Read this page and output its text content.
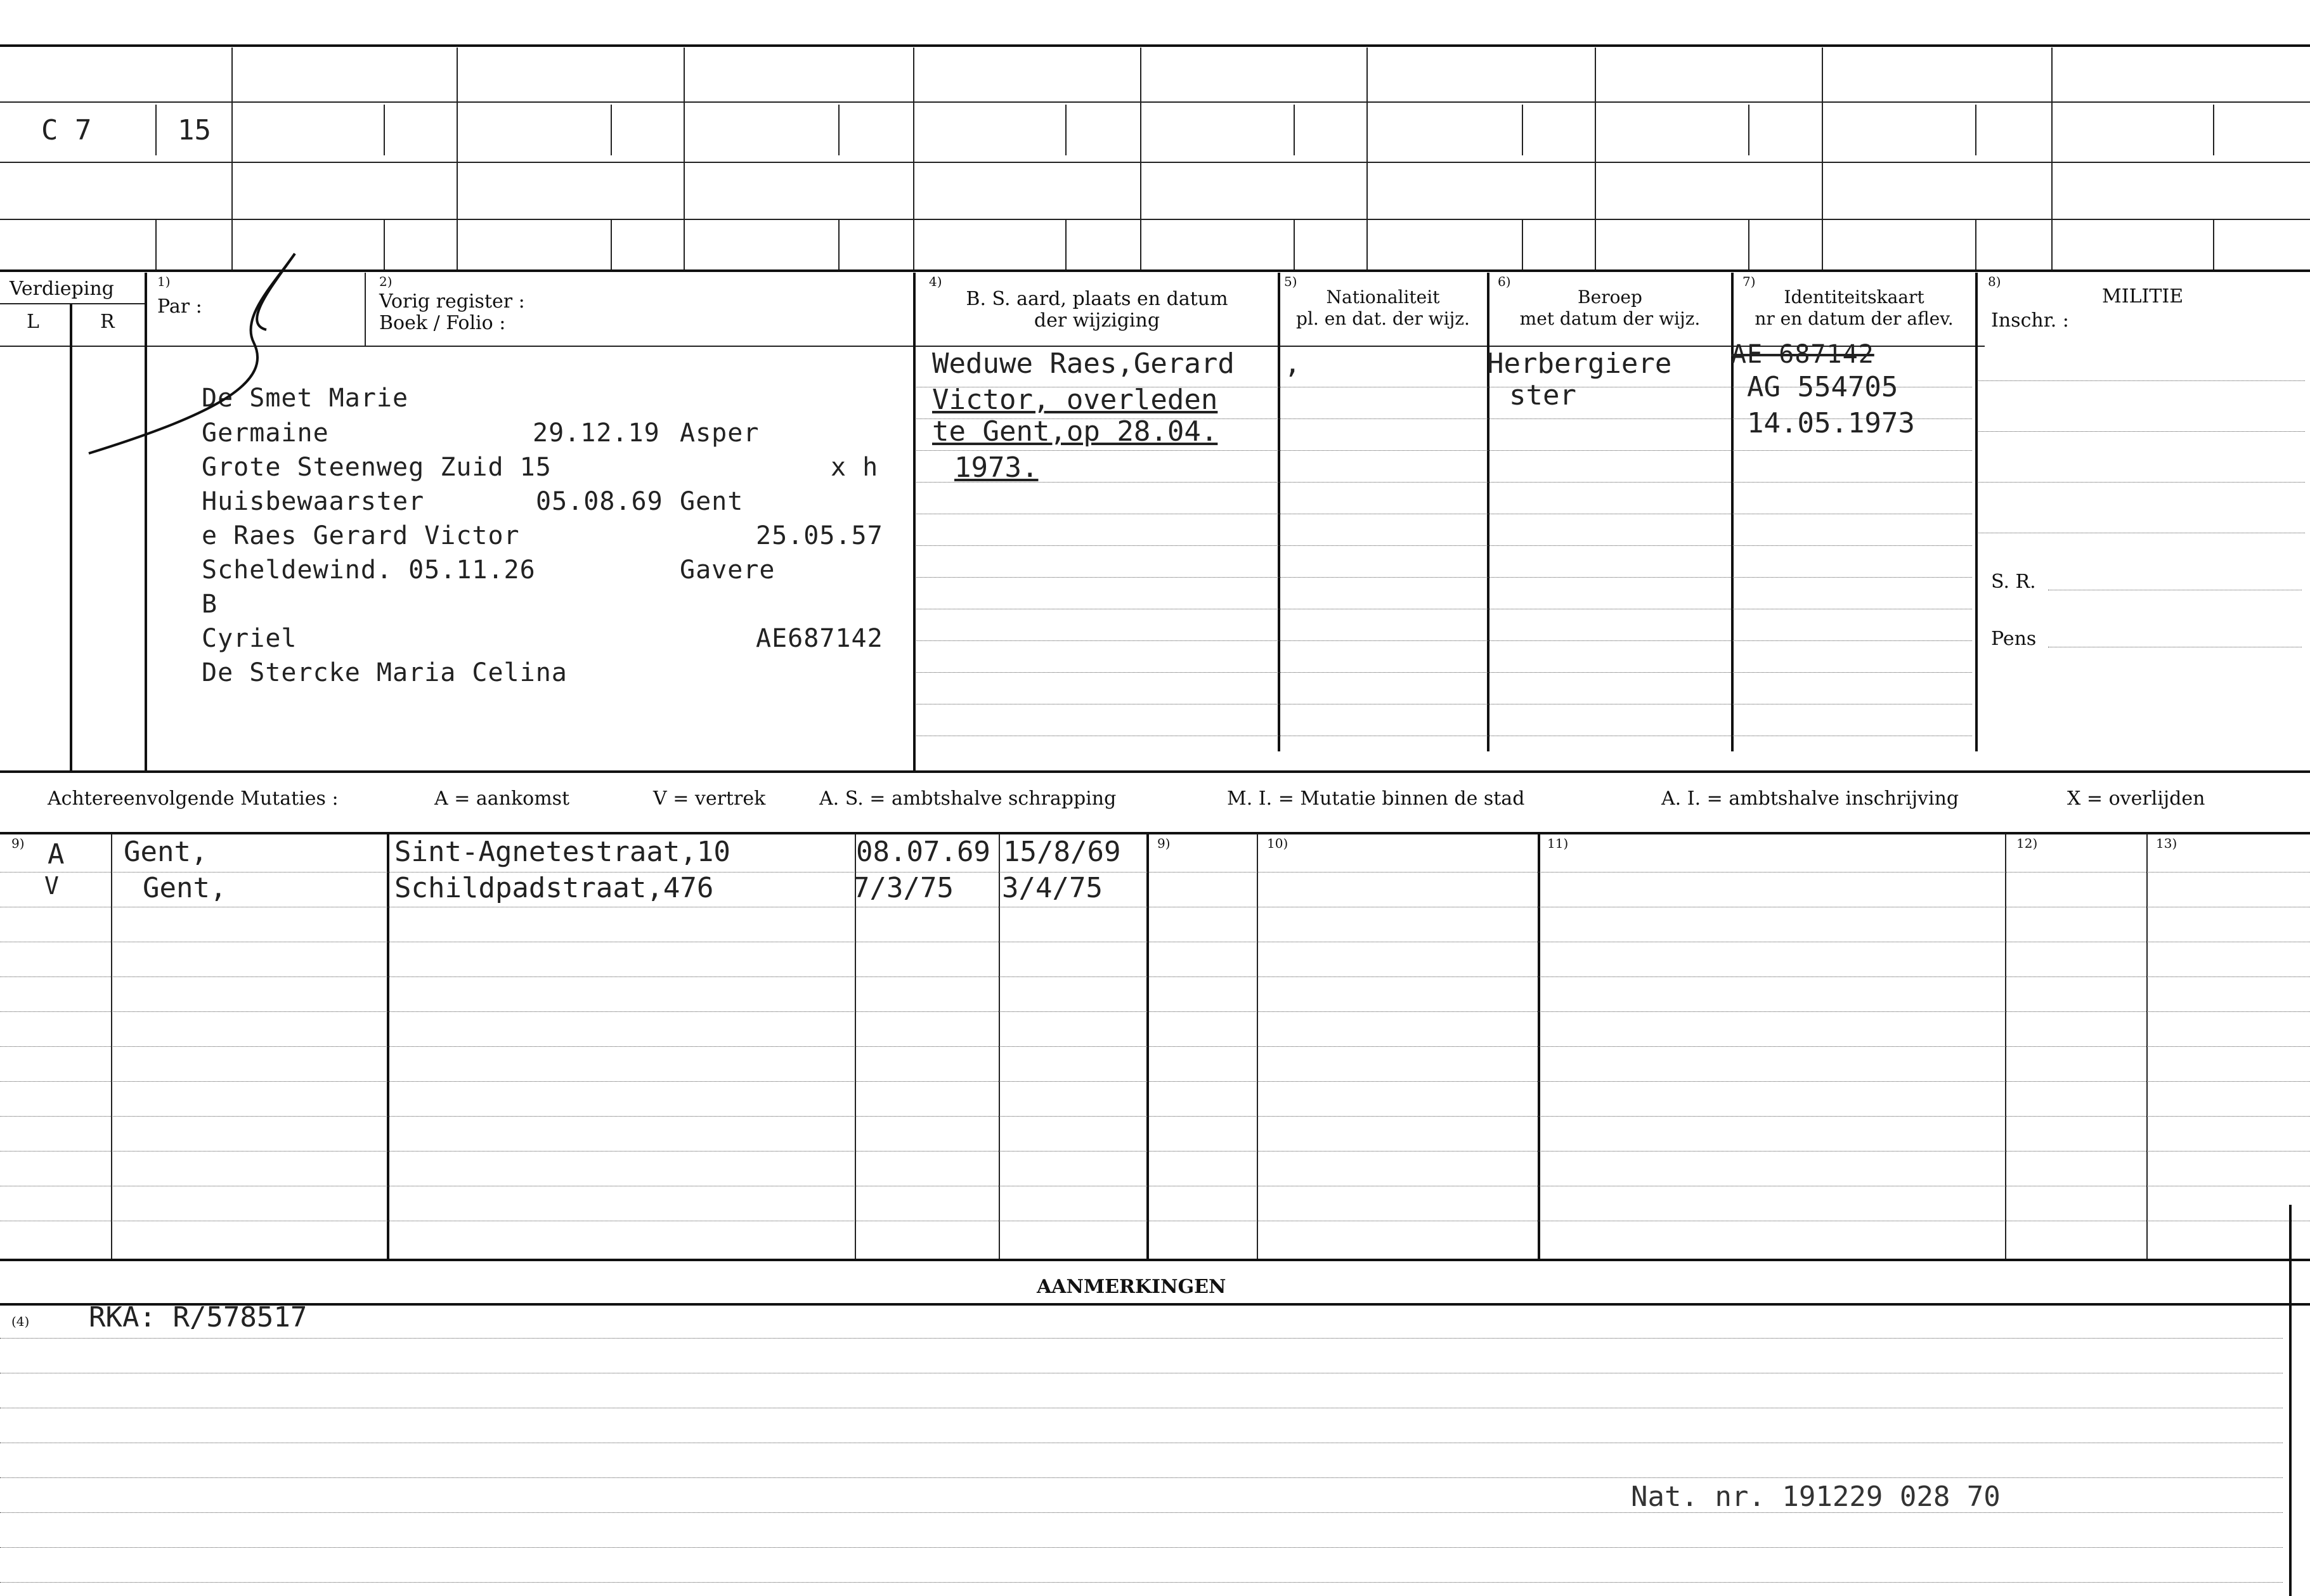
C 7	15
Verdieping
L	R
1)
Par :
2)
Vorig register :
Boek / Folio :
4)
B. S. aard, plaats en datum
der wijziging
5)
Nationaliteit
pl. en dat. der wijz.
6)
Beroep
met datum der wijz.
7)
Identiteitskaart
nr en datum der aflev.
8)
MILITIE
Inschr. :
S. R.
Pens
De Smet Marie
Germaine	29.12.19 Asper
Grote Steenweg Zuid 15	x h
Huisbewaarster	05.08.69 Gent
e Raes Gerard Victor	25.05.57
Scheldewind. 05.11.26	Gavere
B
Cyriel	AE687142
De Stercke Maria Celina
Weduwe Raes,Gerard
Victor, overleden
te Gent,op 28.04.
1973.
,	Herbergiere
ster
AE 687142
AG 554705
14.05.1973
Achtereenvolgende Mutaties :	A = aankomst	V = vertrek	A. S. = ambtshalve schrapping	M. I. = Mutatie binnen de stad	A. I. = ambtshalve inschrijving	X = overlijden
9)	9)	10)	11)	12)	13)
A Gent,	Sint-Agnetestraat,10	08.07.69 15/8/69
V	Gent,	Schildpadstraat,476	7/3/75 3/4/75
AANMERKINGEN
(4) RKA: R/578517
Nat. nr. 191229 028 70
